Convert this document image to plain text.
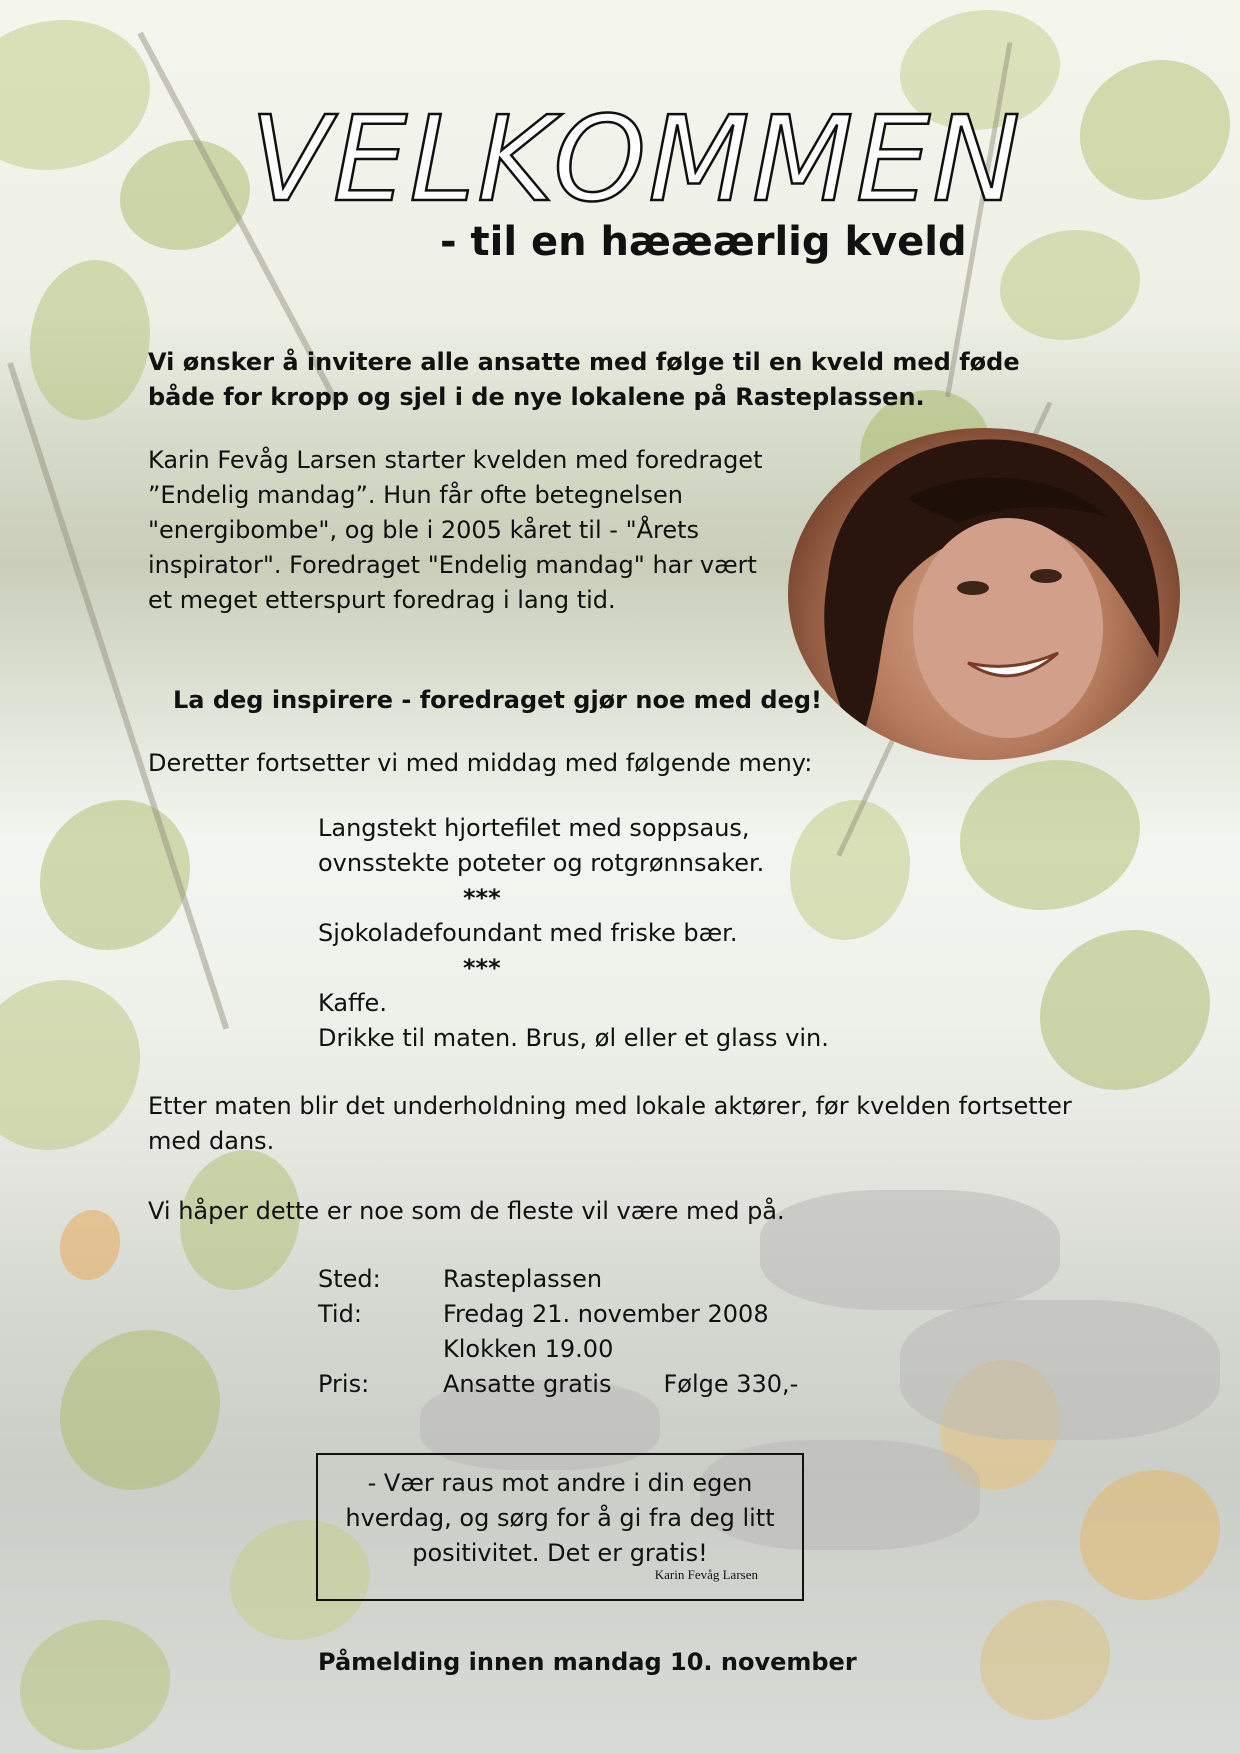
VELKOMMEN
- til en hææærlig kveld
Vi ønsker å invitere alle ansatte med følge til en kveld med føde både for kropp og sjel i de nye lokalene på Rasteplassen.
Karin Fevåg Larsen starter kvelden med foredraget
”Endelig mandag”. Hun får ofte betegnelsen
"energibombe", og ble i 2005 kåret til - "Årets
inspirator". Foredraget "Endelig mandag" har vært
et meget etterspurt foredrag i lang tid.
La deg inspirere - foredraget gjør noe med deg!
Deretter fortsetter vi med middag med følgende meny:
Langstekt hjortefilet med soppsaus,
ovnsstekte poteter og rotgrønnsaker.
***
Sjokoladefoundant med friske bær.
***
Kaffe.
Drikke til maten. Brus, øl eller et glass vin.
Etter maten blir det underholdning med lokale aktører, før kvelden fortsetter med dans.
Vi håper dette er noe som de fleste vil være med på.
Sted:	Rasteplassen
Tid:	Fredag 21. november 2008
Klokken 19.00
Pris:	Ansatte gratis Følge 330,-
- Vær raus mot andre i din egen hverdag, og sørg for å gi fra deg litt positivitet. Det er gratis!
Karin Fevåg Larsen
Påmelding innen mandag 10. november
